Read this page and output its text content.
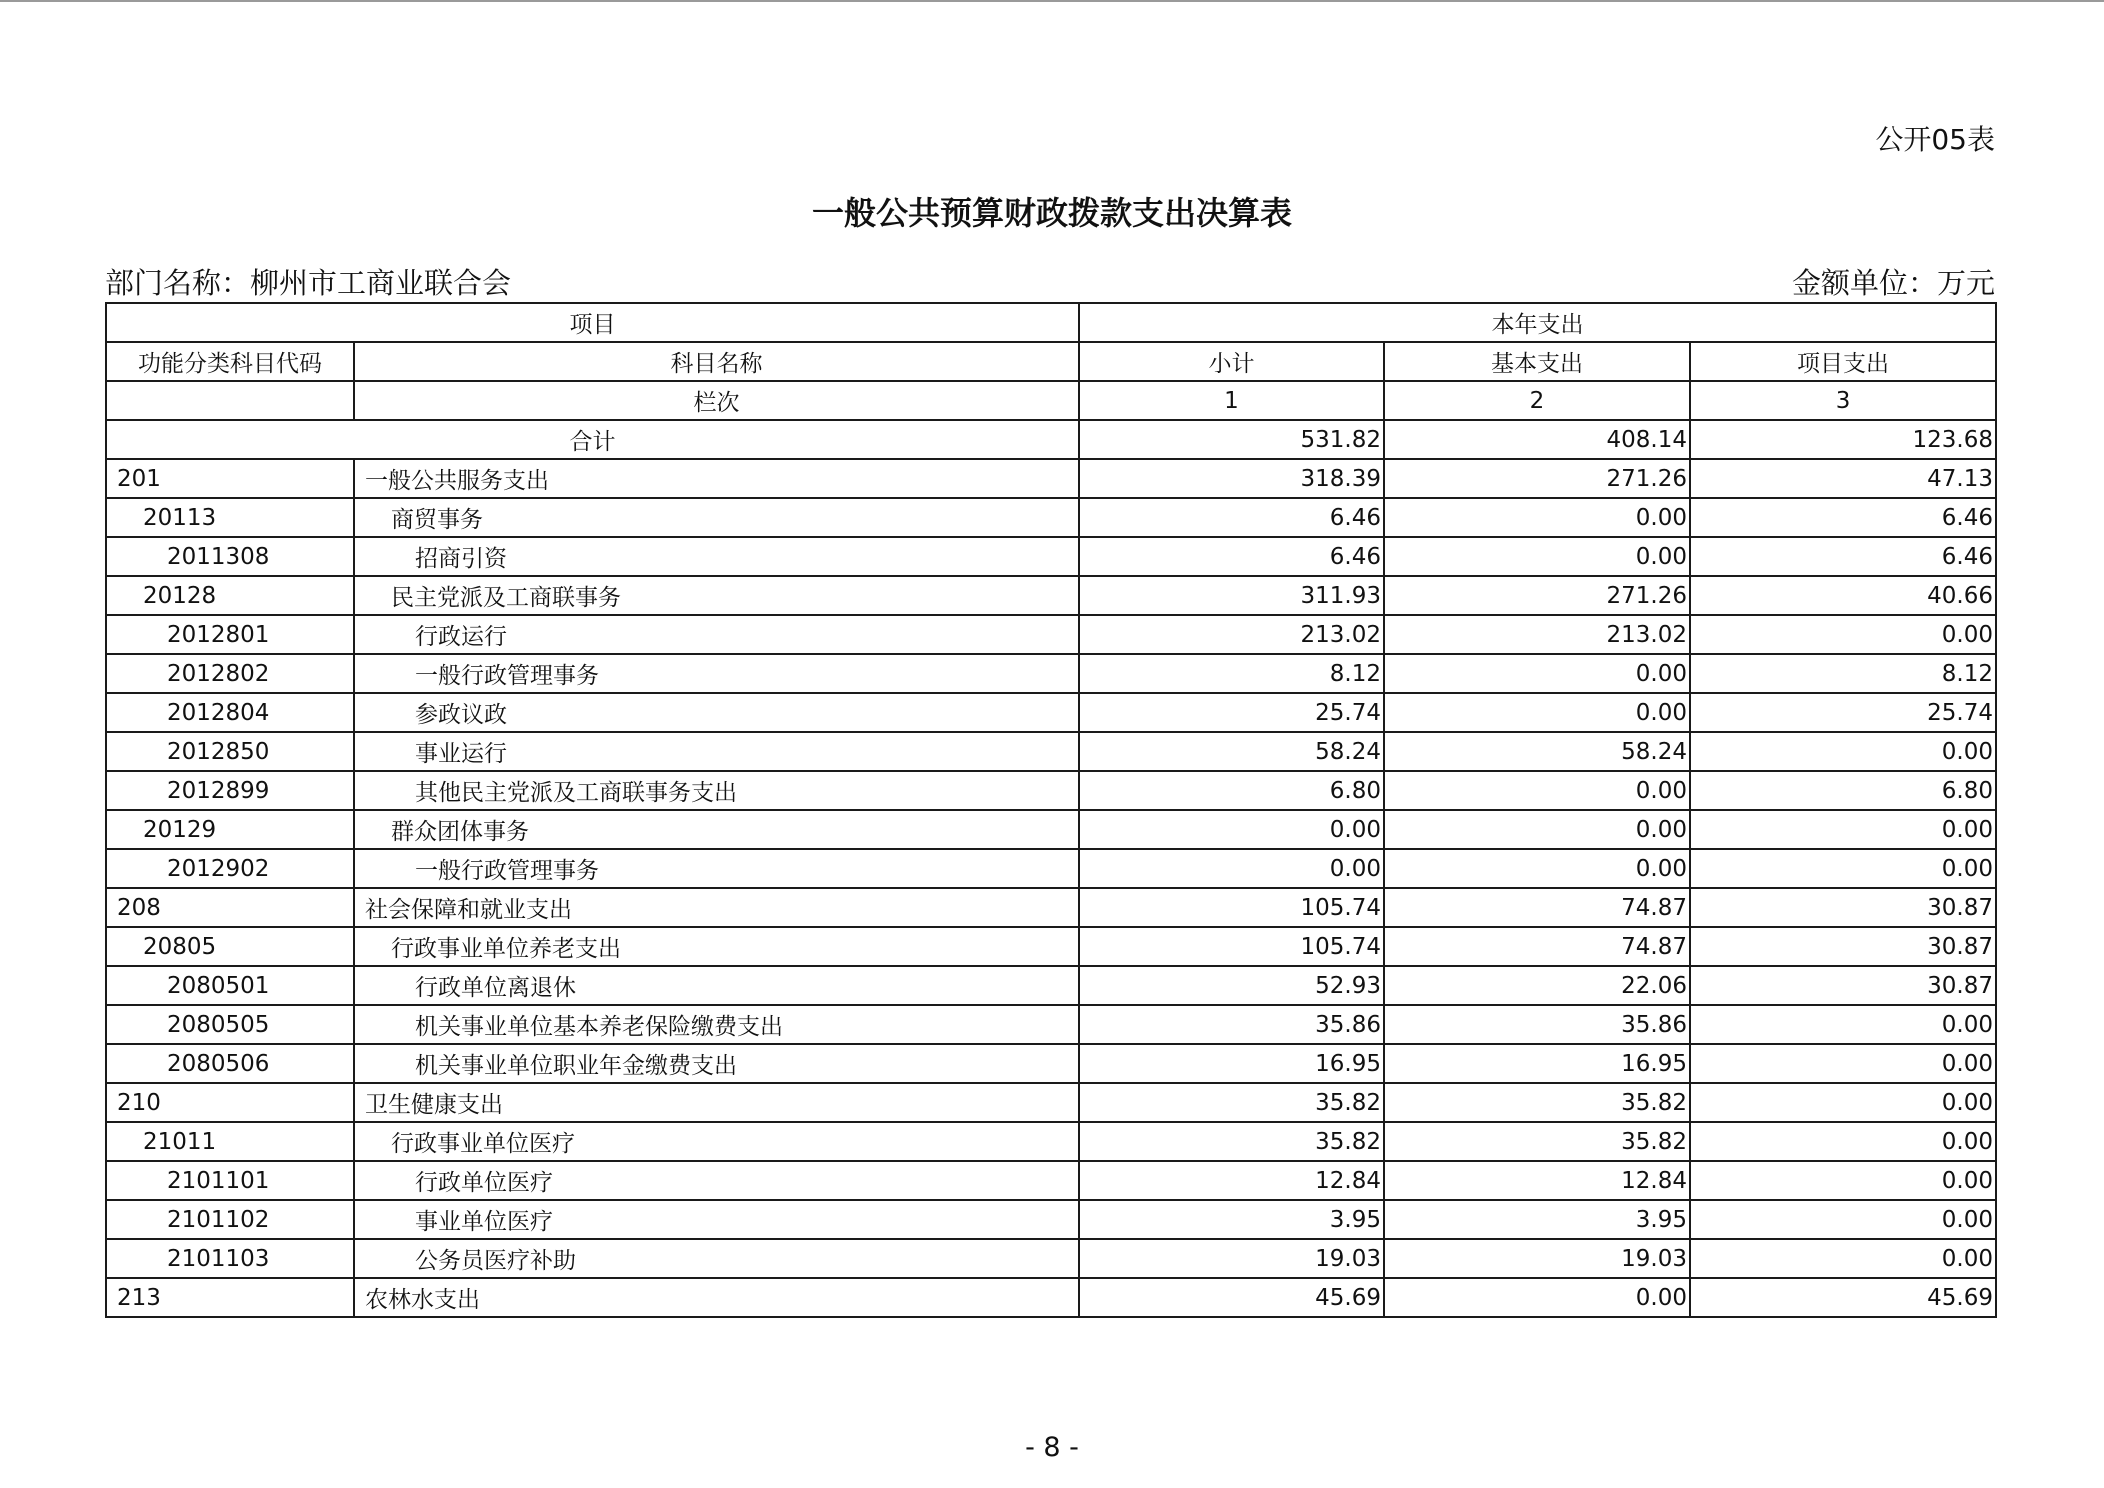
公开05表
一般公共预算财政拨款支出决算表
部门名称：柳州市工商业联合会	金额单位：万元
项目		本年支出		
功能分类科目代码	科目名称	小计	基本支出	项目支出
	栏次	1	2	3
合计		531.82	408.14	123.68
201	一般公共服务支出	318.39	271.26	47.13
20113	商贸事务	6.46	0.00	6.46
2011308	招商引资	6.46	0.00	6.46
20128	民主党派及工商联事务	311.93	271.26	40.66
2012801	行政运行	213.02	213.02	0.00
2012802	一般行政管理事务	8.12	0.00	8.12
2012804	参政议政	25.74	0.00	25.74
2012850	事业运行	58.24	58.24	0.00
2012899	其他民主党派及工商联事务支出	6.80	0.00	6.80
20129	群众团体事务	0.00	0.00	0.00
2012902	一般行政管理事务	0.00	0.00	0.00
208	社会保障和就业支出	105.74	74.87	30.87
20805	行政事业单位养老支出	105.74	74.87	30.87
2080501	行政单位离退休	52.93	22.06	30.87
2080505	机关事业单位基本养老保险缴费支出	35.86	35.86	0.00
2080506	机关事业单位职业年金缴费支出	16.95	16.95	0.00
210	卫生健康支出	35.82	35.82	0.00
21011	行政事业单位医疗	35.82	35.82	0.00
2101101	行政单位医疗	12.84	12.84	0.00
2101102	事业单位医疗	3.95	3.95	0.00
2101103	公务员医疗补助	19.03	19.03	0.00
213	农林水支出	45.69	0.00	45.69
- 8 -
